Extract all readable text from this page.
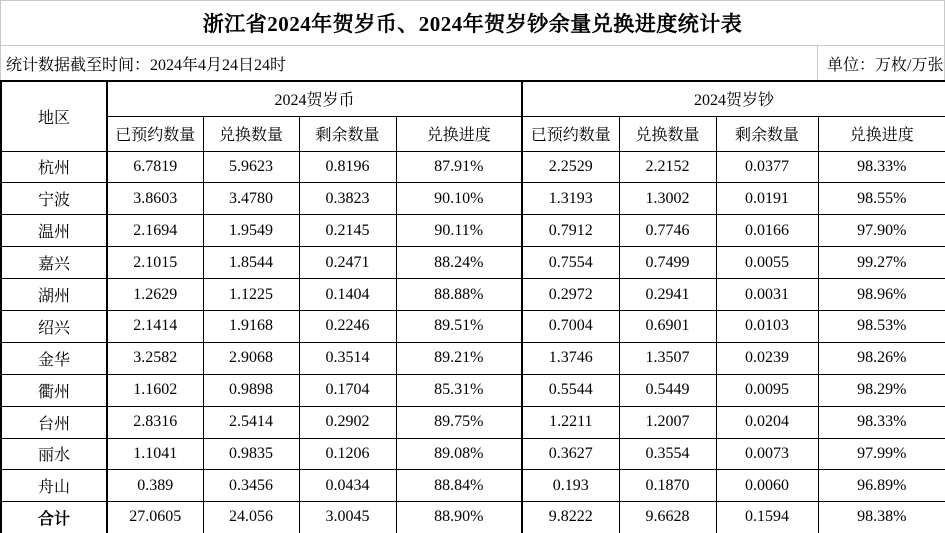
浙江省2024年贺岁币、2024年贺岁钞余量兑换进度统计表
统计数据截至时间：2024年4月24日24时	单位：万枚/万张
地区	2024贺岁币				2024贺岁钞			
	已预约数量	兑换数量	剩余数量	兑换进度	已预约数量	兑换数量	剩余数量	兑换进度
杭州	6.7819	5.9623	0.8196	87.91%	2.2529	2.2152	0.0377	98.33%
宁波	3.8603	3.4780	0.3823	90.10%	1.3193	1.3002	0.0191	98.55%
温州	2.1694	1.9549	0.2145	90.11%	0.7912	0.7746	0.0166	97.90%
嘉兴	2.1015	1.8544	0.2471	88.24%	0.7554	0.7499	0.0055	99.27%
湖州	1.2629	1.1225	0.1404	88.88%	0.2972	0.2941	0.0031	98.96%
绍兴	2.1414	1.9168	0.2246	89.51%	0.7004	0.6901	0.0103	98.53%
金华	3.2582	2.9068	0.3514	89.21%	1.3746	1.3507	0.0239	98.26%
衢州	1.1602	0.9898	0.1704	85.31%	0.5544	0.5449	0.0095	98.29%
台州	2.8316	2.5414	0.2902	89.75%	1.2211	1.2007	0.0204	98.33%
丽水	1.1041	0.9835	0.1206	89.08%	0.3627	0.3554	0.0073	97.99%
舟山	0.389	0.3456	0.0434	88.84%	0.193	0.1870	0.0060	96.89%
合计	27.0605	24.056	3.0045	88.90%	9.8222	9.6628	0.1594	98.38%
